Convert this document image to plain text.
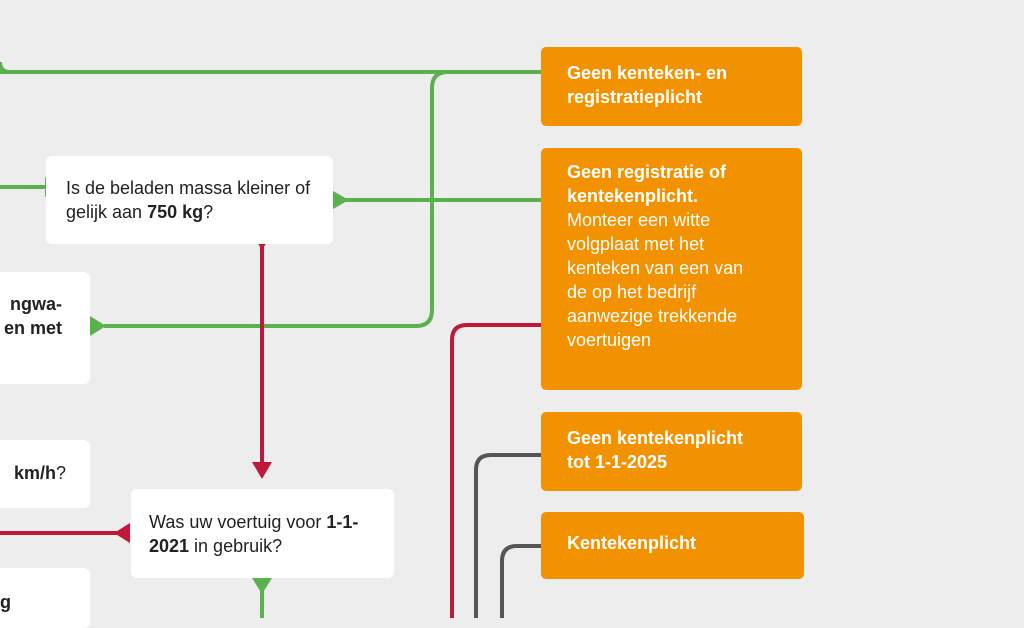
Is de beladen massa kleiner of gelijk aan 750 kg?
ngwa-
en met
km/h?
g
Was uw voertuig voor 1-1-2021 in gebruik?
Geen kenteken- en
registratieplicht
Geen registratie of
kentekenplicht.
Monteer een witte
volgplaat met het
kenteken van een van
de op het bedrijf
aanwezige trekkende
voertuigen
Geen kentekenplicht
tot 1-1-2025
Kentekenplicht
